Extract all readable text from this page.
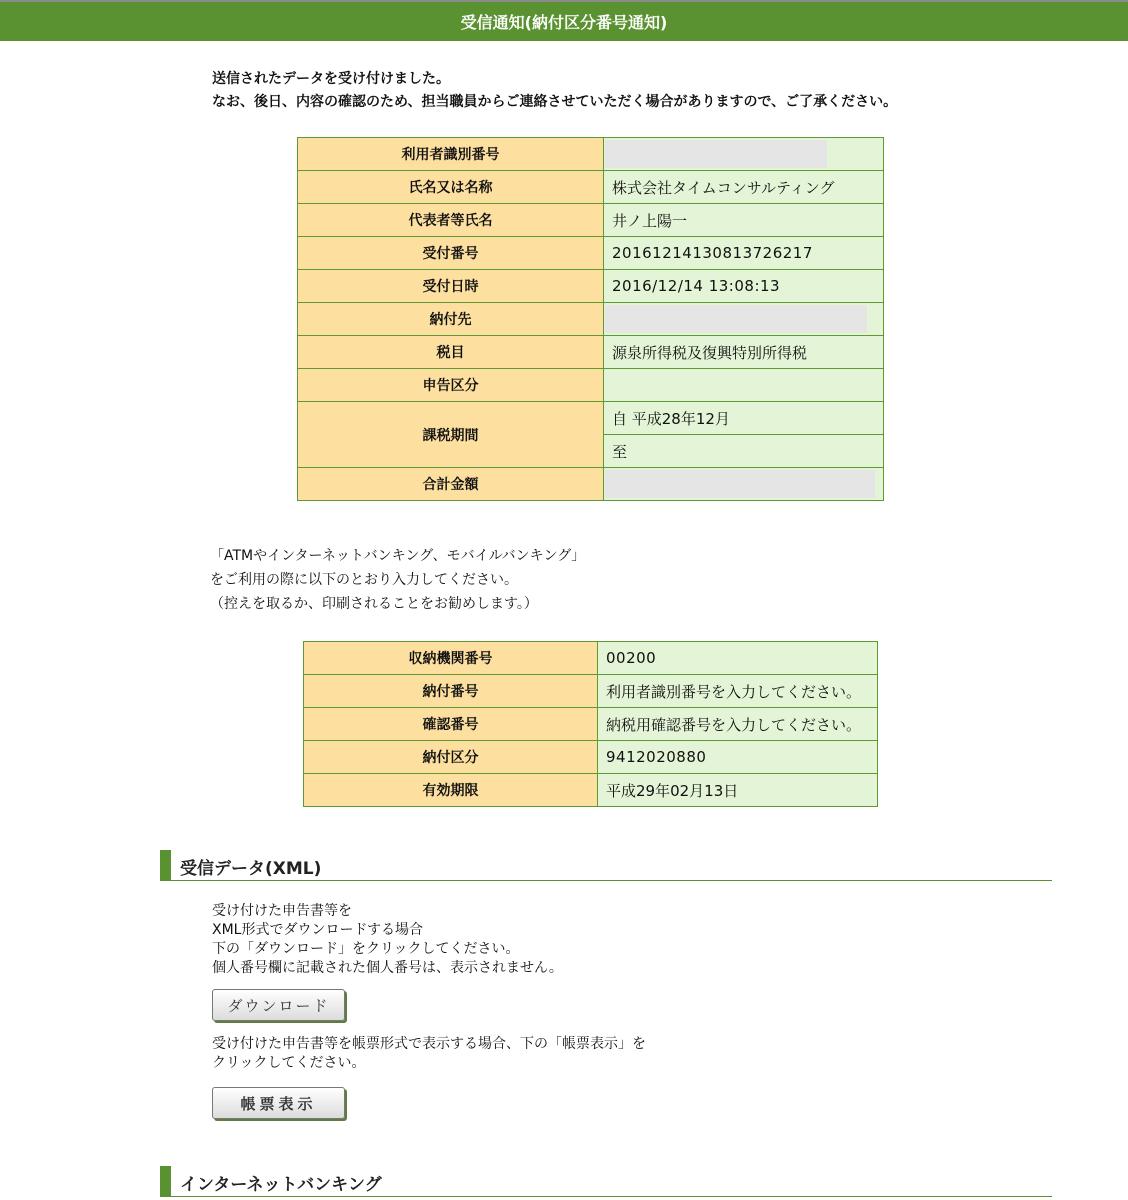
受信通知(納付区分番号通知)
送信されたデータを受け付けました。
なお、後日、内容の確認のため、担当職員からご連絡させていただく場合がありますので、ご了承ください。
利用者識別番号	
氏名又は名称	株式会社タイムコンサルティング
代表者等氏名	井ノ上陽一
受付番号	20161214130813726217
受付日時	2016/12/14 13:08:13
納付先	
税目	源泉所得税及復興特別所得税
申告区分	
課税期間	自 平成28年12月
	至
合計金額	
「ATMやインターネットバンキング、モバイルバンキング」
をご利用の際に以下のとおり入力してください。
（控えを取るか、印刷されることをお勧めします。）
収納機関番号	00200
納付番号	利用者識別番号を入力してください。
確認番号	納税用確認番号を入力してください。
納付区分	9412020880
有効期限	平成29年02月13日
受信データ(XML)
受け付けた申告書等を
XML形式でダウンロードする場合
下の「ダウンロード」をクリックしてください。
個人番号欄に記載された個人番号は、表示されません。
ダウンロード
受け付けた申告書等を帳票形式で表示する場合、下の「帳票表示」を
クリックしてください。
帳票表示
インターネットバンキング
